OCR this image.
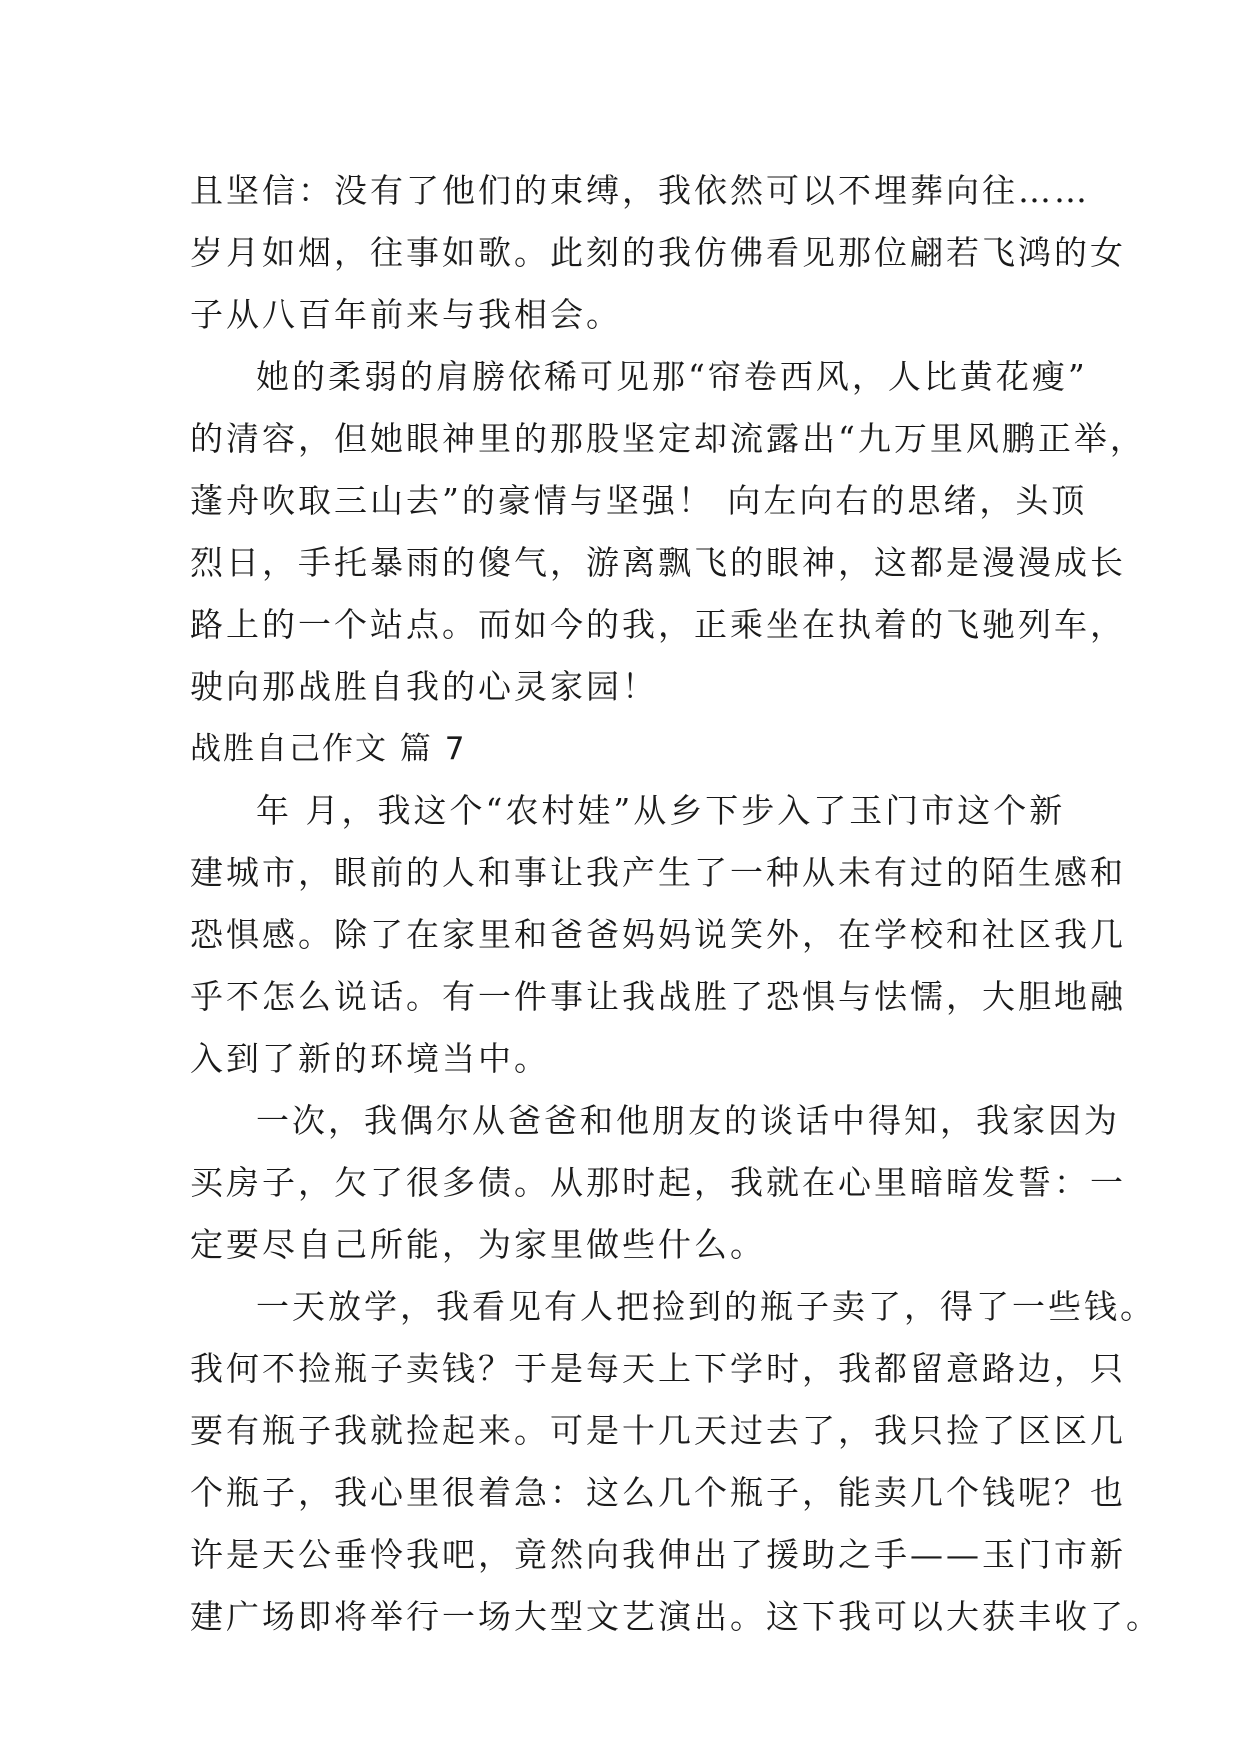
且坚信：没有了他们的束缚，我依然可以不埋葬向往……
岁月如烟，往事如歌。此刻的我仿佛看见那位翩若飞鸿的女
子从八百年前来与我相会。
她的柔弱的肩膀依稀可见那“帘卷西风，人比黄花瘦”
的清容，但她眼神里的那股坚定却流露出“九万里风鹏正举，
蓬舟吹取三山去”的豪情与坚强！ 向左向右的思绪，头顶
烈日，手托暴雨的傻气，游离飘飞的眼神，这都是漫漫成长
路上的一个站点。而如今的我，正乘坐在执着的飞驰列车，
驶向那战胜自我的心灵家园！
战胜自己作文 篇 7
年 月，我这个“农村娃”从乡下步入了玉门市这个新
建城市，眼前的人和事让我产生了一种从未有过的陌生感和
恐惧感。除了在家里和爸爸妈妈说笑外，在学校和社区我几
乎不怎么说话。有一件事让我战胜了恐惧与怯懦，大胆地融
入到了新的环境当中。
一次，我偶尔从爸爸和他朋友的谈话中得知，我家因为
买房子，欠了很多债。从那时起，我就在心里暗暗发誓：一
定要尽自己所能，为家里做些什么。
一天放学，我看见有人把捡到的瓶子卖了，得了一些钱。
我何不捡瓶子卖钱？于是每天上下学时，我都留意路边，只
要有瓶子我就捡起来。可是十几天过去了，我只捡了区区几
个瓶子，我心里很着急：这么几个瓶子，能卖几个钱呢？也
许是天公垂怜我吧，竟然向我伸出了援助之手——玉门市新
建广场即将举行一场大型文艺演出。这下我可以大获丰收了。
